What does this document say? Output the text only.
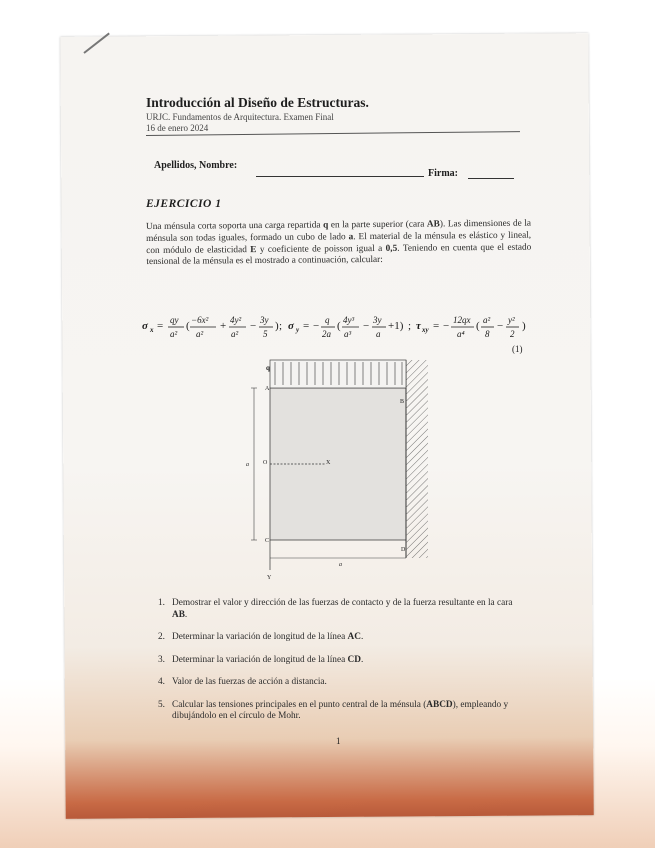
Introducción al Diseño de Estructuras.
URJC. Fundamentos de Arquitectura. Examen Final
16 de enero 2024
Apellidos, Nombre:
Firma:
EJERCICIO 1
Una ménsula corta soporta una carga repartida q en la parte superior (cara AB). Las dimensiones de la ménsula son todas iguales, formado un cubo de lado a. El material de la ménsula es elástico y lineal, con módulo de elasticidad E y coeficiente de poisson igual a 0,5. Teniendo en cuenta que el estado tensional de la ménsula es el mostrado a continuación, calcular:
σ x = qy
a²
( −6x²
a²
+ 4y²
a²
− 3y
5
) ; σ y = − q
2a
( 4y³
a³
− 3y
a
+1) ; τ xy = − 12qx
a⁴
( a²
8
− y²
2
)
(1)
q
A
B
C
D
O	X
Y
a
a
1. Demostrar el valor y dirección de las fuerzas de contacto y de la fuerza resultante en la cara AB.
2. Determinar la variación de longitud de la línea AC.
3. Determinar la variación de longitud de la línea CD.
4. Valor de las fuerzas de acción a distancia.
5. Calcular las tensiones principales en el punto central de la ménsula (ABCD), empleando y dibujándolo en el círculo de Mohr.
1
